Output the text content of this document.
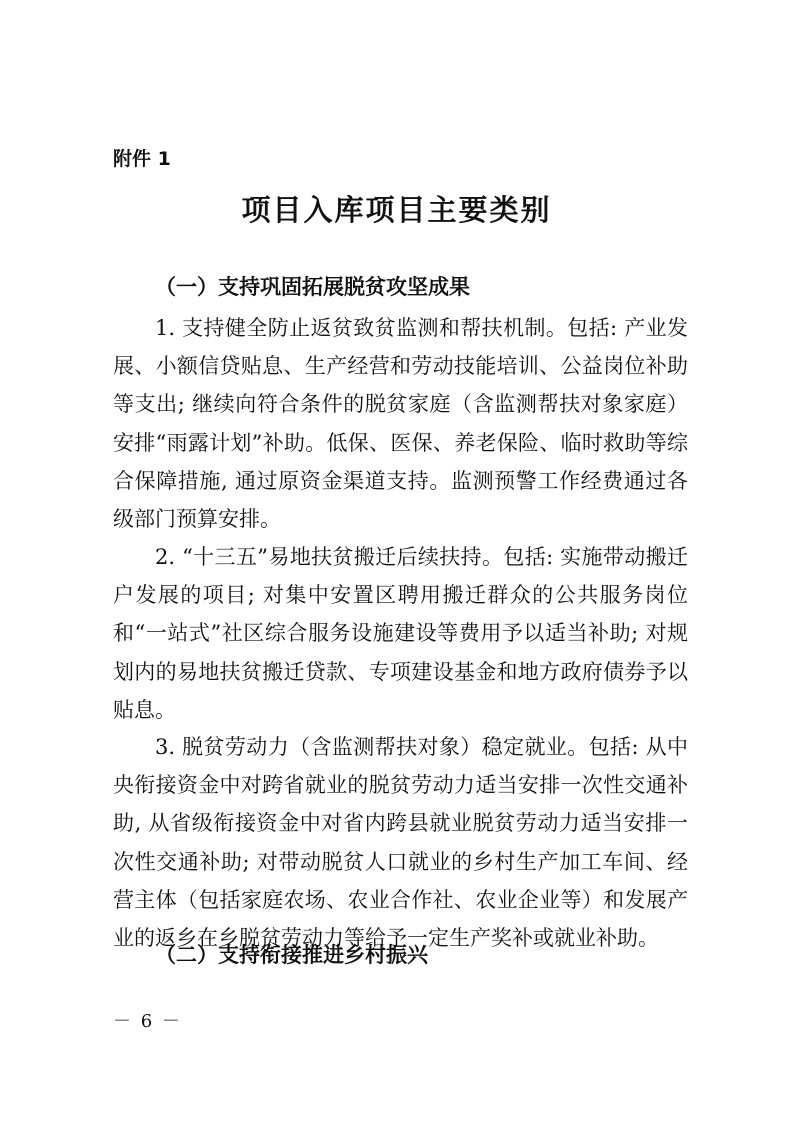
附件 1
项目入库项目主要类别
（一）支持巩固拓展脱贫攻坚成果
1. 支持健全防止返贫致贫监测和帮扶机制。包括: 产业发展、小额信贷贴息、生产经营和劳动技能培训、公益岗位补助等支出; 继续向符合条件的脱贫家庭（含监测帮扶对象家庭）安排“雨露计划”补助。低保、医保、养老保险、临时救助等综合保障措施, 通过原资金渠道支持。监测预警工作经费通过各级部门预算安排。
2. “十三五”易地扶贫搬迁后续扶持。包括: 实施带动搬迁户发展的项目; 对集中安置区聘用搬迁群众的公共服务岗位和“一站式”社区综合服务设施建设等费用予以适当补助; 对规划内的易地扶贫搬迁贷款、专项建设基金和地方政府债券予以贴息。
3. 脱贫劳动力（含监测帮扶对象）稳定就业。包括: 从中央衔接资金中对跨省就业的脱贫劳动力适当安排一次性交通补助, 从省级衔接资金中对省内跨县就业脱贫劳动力适当安排一次性交通补助; 对带动脱贫人口就业的乡村生产加工车间、经营主体（包括家庭农场、农业合作社、农业企业等）和发展产业的返乡在乡脱贫劳动力等给予一定生产奖补或就业补助。
（二）支持衔接推进乡村振兴
－ 6 －
